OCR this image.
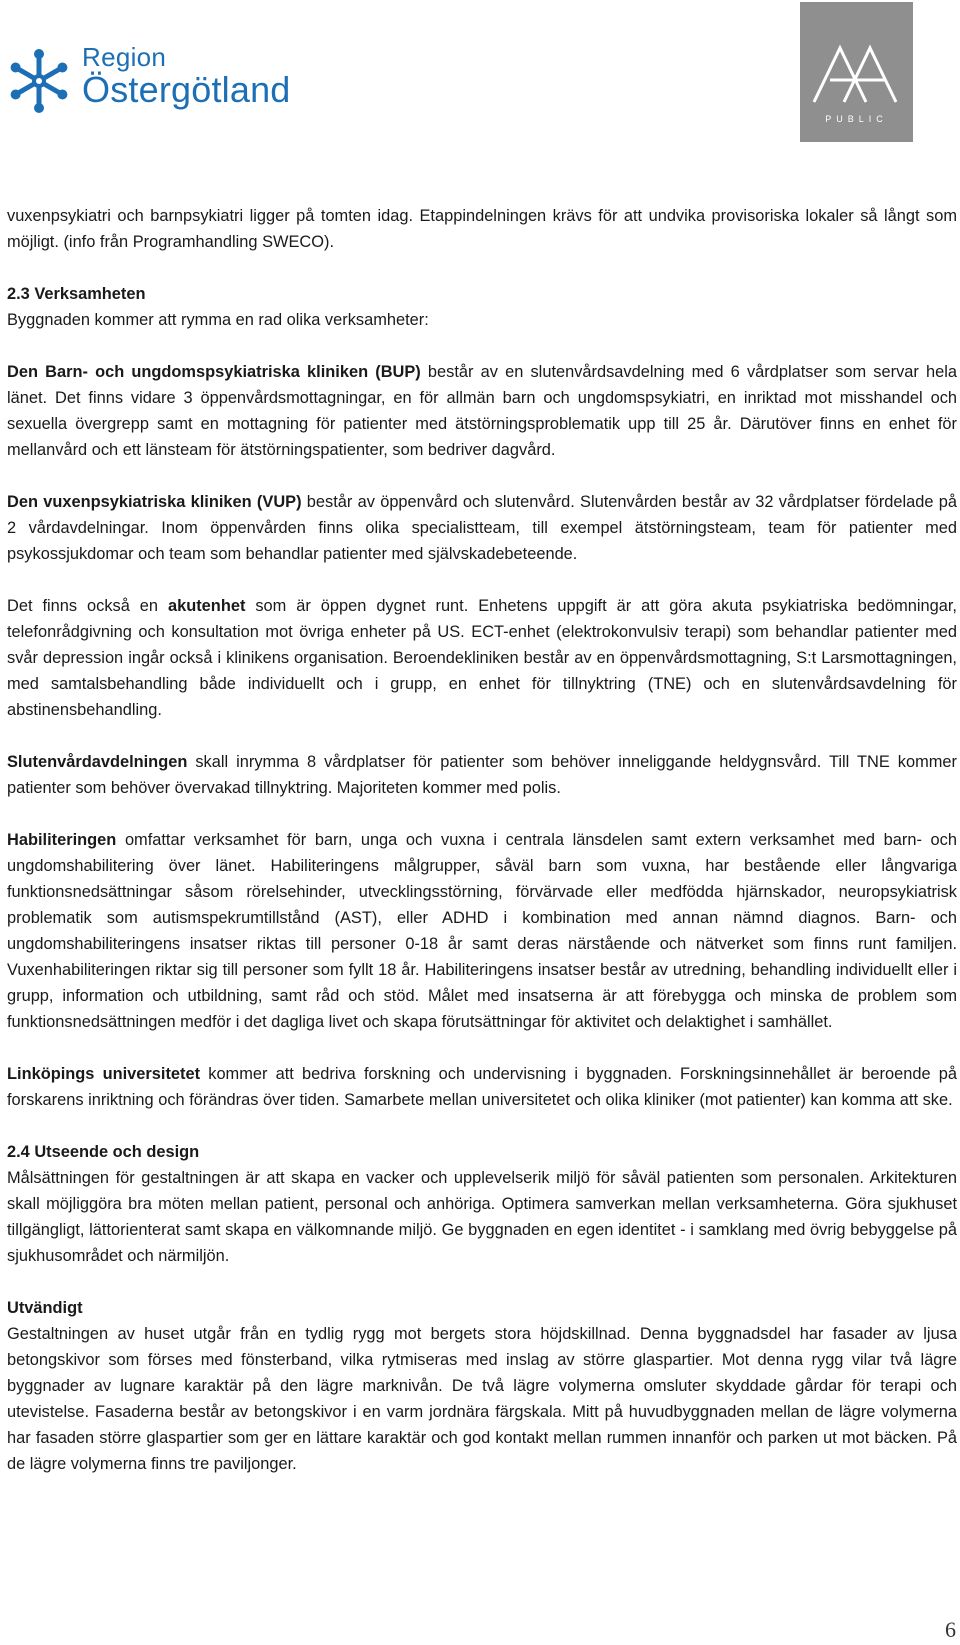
Region
Östergötland
PUBLIC

vuxenpsykiatri och barnpsykiatri ligger på tomten idag. Etappindelningen krävs för att undvika provisoriska lokaler så långt som möjligt. (info från Programhandling SWECO).

2.3 Verksamheten

Byggnaden kommer att rymma en rad olika verksamheter:

Den Barn- och ungdomspsykiatriska kliniken (BUP) består av en slutenvårdsavdelning med 6 vårdplatser som servar hela länet. Det finns vidare 3 öppenvårdsmottagningar, en för allmän barn och ungdomspsykiatri, en inriktad mot misshandel och sexuella övergrepp samt en mottagning för patienter med ätstörningsproblematik upp till 25 år. Därutöver finns en enhet för mellanvård och ett länsteam för ätstörningspatienter, som bedriver dagvård.

Den vuxenpsykiatriska kliniken (VUP) består av öppenvård och slutenvård. Slutenvården består av 32 vårdplatser fördelade på 2 vårdavdelningar. Inom öppenvården finns olika specialistteam, till exempel ätstörningsteam, team för patienter med psykossjukdomar och team som behandlar patienter med självskadebeteende.

Det finns också en akutenhet som är öppen dygnet runt. Enhetens uppgift är att göra akuta psykiatriska bedömningar, telefonrådgivning och konsultation mot övriga enheter på US. ECT-enhet (elektrokonvulsiv terapi) som behandlar patienter med svår depression ingår också i klinikens organisation. Beroendekliniken består av en öppenvårdsmottagning, S:t Larsmottagningen, med samtalsbehandling både individuellt och i grupp, en enhet för tillnyktring (TNE) och en slutenvårdsavdelning för abstinensbehandling.

Slutenvårdavdelningen skall inrymma 8 vårdplatser för patienter som behöver inneliggande heldygnsvård. Till TNE kommer patienter som behöver övervakad tillnyktring. Majoriteten kommer med polis.

Habiliteringen omfattar verksamhet för barn, unga och vuxna i centrala länsdelen samt extern verksamhet med barn- och ungdomshabilitering över länet. Habiliteringens målgrupper, såväl barn som vuxna, har bestående eller långvariga funktionsnedsättningar såsom rörelsehinder, utvecklingsstörning, förvärvade eller medfödda hjärnskador, neuropsykiatrisk problematik som autismspekrumtillstånd (AST), eller ADHD i kombination med annan nämnd diagnos. Barn- och ungdomshabiliteringens insatser riktas till personer 0-18 år samt deras närstående och nätverket som finns runt familjen. Vuxenhabiliteringen riktar sig till personer som fyllt 18 år. Habiliteringens insatser består av utredning, behandling individuellt eller i grupp, information och utbildning, samt råd och stöd. Målet med insatserna är att förebygga och minska de problem som funktionsnedsättningen medför i det dagliga livet och skapa förutsättningar för aktivitet och delaktighet i samhället.

Linköpings universitetet kommer att bedriva forskning och undervisning i byggnaden. Forskningsinnehållet är beroende på forskarens inriktning och förändras över tiden. Samarbete mellan universitetet och olika kliniker (mot patienter) kan komma att ske.

2.4 Utseende och design

Målsättningen för gestaltningen är att skapa en vacker och upplevelserik miljö för såväl patienten som personalen. Arkitekturen skall möjliggöra bra möten mellan patient, personal och anhöriga. Optimera samverkan mellan verksamheterna. Göra sjukhuset tillgängligt, lättorienterat samt skapa en välkomnande miljö. Ge byggnaden en egen identitet - i samklang med övrig bebyggelse på sjukhusområdet och närmiljön.

Utvändigt

Gestaltningen av huset utgår från en tydlig rygg mot bergets stora höjdskillnad. Denna byggnadsdel har fasader av ljusa betongskivor som förses med fönsterband, vilka rytmiseras med inslag av större glaspartier. Mot denna rygg vilar två lägre byggnader av lugnare karaktär på den lägre marknivån. De två lägre volymerna omsluter skyddade gårdar för terapi och utevistelse. Fasaderna består av betongskivor i en varm jordnära färgskala. Mitt på huvudbyggnaden mellan de lägre volymerna har fasaden större glaspartier som ger en lättare karaktär och god kontakt mellan rummen innanför och parken ut mot bäcken. På de lägre volymerna finns tre paviljonger.

6
